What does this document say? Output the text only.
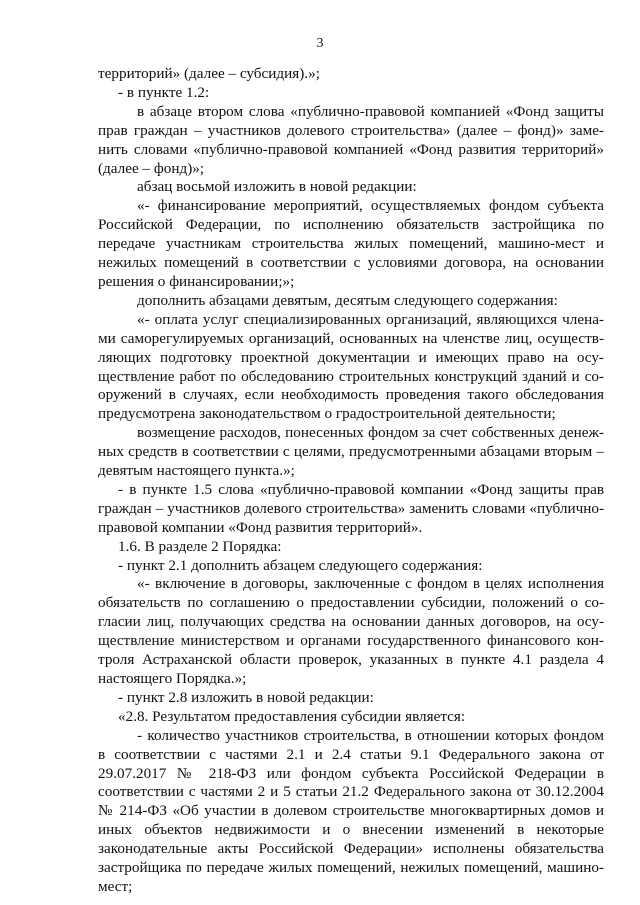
3
территорий» (далее – субсидия).»;
- в пункте 1.2:
в абзаце втором слова «публично-правовой компанией «Фонд защиты
прав граждан – участников долевого строительства» (далее – фонд)» заме-
нить словами «публично-правовой компанией «Фонд развития территорий»
(далее – фонд)»;
абзац восьмой изложить в новой редакции:
«- финансирование мероприятий, осуществляемых фондом субъекта
Российской Федерации, по исполнению обязательств застройщика по
передаче участникам строительства жилых помещений, машино-мест и
нежилых помещений в соответствии с условиями договора, на основании
решения о финансировании;»;
дополнить абзацами девятым, десятым следующего содержания:
«- оплата услуг специализированных организаций, являющихся члена-
ми саморегулируемых организаций, основанных на членстве лиц, осуществ-
ляющих подготовку проектной документации и имеющих право на осу-
ществление работ по обследованию строительных конструкций зданий и со-
оружений в случаях, если необходимость проведения такого обследования
предусмотрена законодательством о градостроительной деятельности;
возмещение расходов, понесенных фондом за счет собственных денеж-
ных средств в соответствии с целями, предусмотренными абзацами вторым –
девятым настоящего пункта.»;
- в пункте 1.5 слова «публично-правовой компании «Фонд защиты прав
граждан – участников долевого строительства» заменить словами «публично-
правовой компании «Фонд развития территорий».
1.6. В разделе 2 Порядка:
- пункт 2.1 дополнить абзацем следующего содержания:
«- включение в договоры, заключенные с фондом в целях исполнения
обязательств по соглашению о предоставлении субсидии, положений о со-
гласии лиц, получающих средства на основании данных договоров, на осу-
ществление министерством и органами государственного финансового кон-
троля Астраханской области проверок, указанных в пункте 4.1 раздела 4
настоящего Порядка.»;
- пункт 2.8 изложить в новой редакции:
«2.8. Результатом предоставления субсидии является:
- количество участников строительства, в отношении которых фондом
в соответствии с частями 2.1 и 2.4 статьи 9.1 Федерального закона от
29.07.2017 № 218-ФЗ или фондом субъекта Российской Федерации в
соответствии с частями 2 и 5 статьи 21.2 Федерального закона от 30.12.2004
№ 214-ФЗ «Об участии в долевом строительстве многоквартирных домов и
иных объектов недвижимости и о внесении изменений в некоторые
законодательные акты Российской Федерации» исполнены обязательства
застройщика по передаче жилых помещений, нежилых помещений, машино-
мест;
